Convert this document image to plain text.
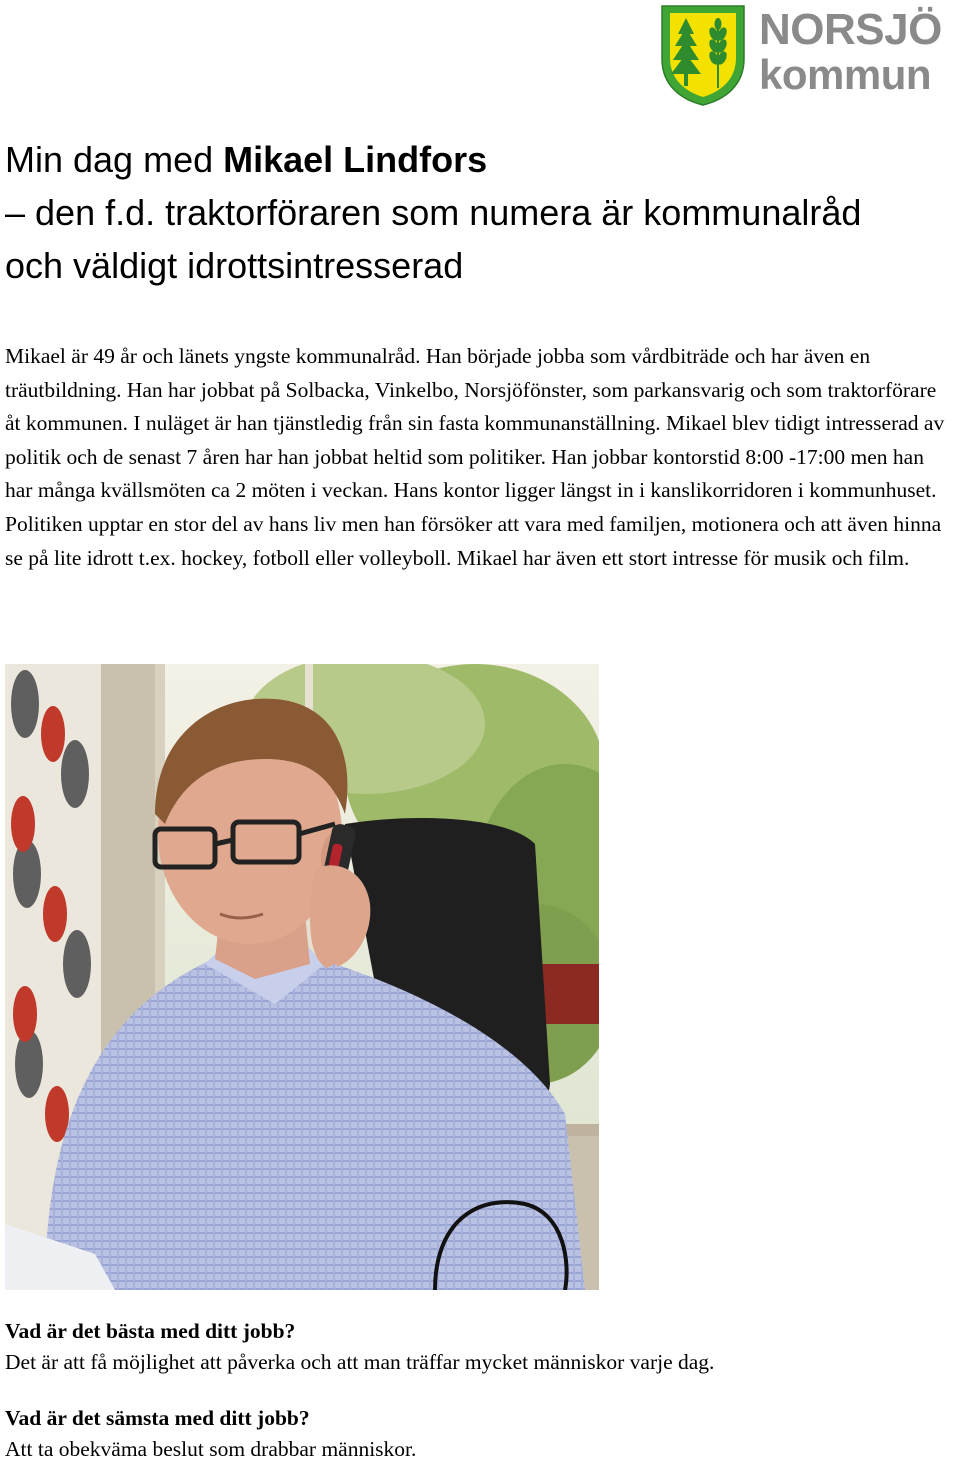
NORSJÖ
kommun
Min dag med Mikael Lindfors
– den f.d. traktorföraren som numera är kommunalråd
och väldigt idrottsintresserad

Mikael är 49 år och länets yngste kommunalråd. Han började jobba som vårdbiträde och har även en träutbildning. Han har jobbat på Solbacka, Vinkelbo, Norsjöfönster, som parkansvarig och som traktorförare åt kommunen. I nuläget är han tjänstledig från sin fasta kommunanställning. Mikael blev tidigt intresserad av politik och de senast 7 åren har han jobbat heltid som politiker. Han jobbar kontorstid 8:00 -17:00 men han har många kvällsmöten ca 2 möten i veckan. Hans kontor ligger längst in i kanslikorridoren i kommunhuset. Politiken upptar en stor del av hans liv men han försöker att vara med familjen, motionera och att även hinna se på lite idrott t.ex. hockey, fotboll eller volleyboll. Mikael har även ett stort intresse för musik och film.

Vad är det bästa med ditt jobb?
Det är att få möjlighet att påverka och att man träffar mycket människor varje dag.
Vad är det sämsta med ditt jobb?
Att ta obekväma beslut som drabbar människor.
